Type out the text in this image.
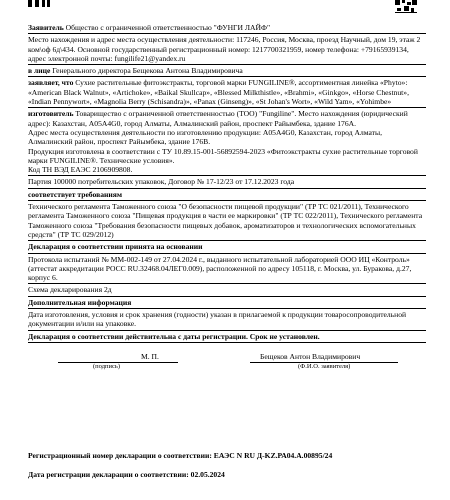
Заявитель Общество с ограниченной ответственностью "ФУНГИ ЛАЙФ"

Место нахождения и адрес места осуществления деятельности: 117246, Россия, Москва, проезд Научный, дом 19, этаж 2 ком\оф 6д\434. Основной государственный регистрационный номер: 1217700321959, номер телефона: +79165939134, адрес электронной почты: fungilife21@yandex.ru

в лице Генерального директора Бещекова Антона Владимировича
заявляет, что Сухие растительные фитоэкстракты, торговой марки FUNGILINE®, ассортиментная линейка «Phyto»: «American Black Walnut», «Artichoke», «Baikal Skullcap», «Blessed Milkthistle», «Brahmi», «Ginkgo», «Horse Chestnut», «Indian Pennywort», «Magnolia Berry (Schisandra)», «Panax (Ginseng)», «St Johan's Wort», «Wild Yam», «Yohimbe»

изготовитель Товарищество с ограниченной ответственностью (ТОО) "Fungiline". Место нахождения (юридический адрес): Казахстан, A05A4G0, город Алматы, Алмалинский район, проспект Райымбека, здание 176А.

Адрес места осуществления деятельности по изготовлению продукции: A05A4G0, Казахстан, город Алматы, Алмалинский район, проспект Райымбека, здание 176В.

Продукция изготовлена в соответствии с ТУ 10.89.15-001-56892594-2023 «Фитоэкстракты сухие растительные торговой марки FUNGILINE®. Технические условия».

Код ТН ВЭД ЕАЭС 2106909808.

Партия 100000 потребительских упаковок, Договор № 17-12/23 от 17.12.2023 года

соответствует требованиям

Технического регламента Таможенного союза "О безопасности пищевой продукции" (ТР ТС 021/2011), Технического регламента Таможенного союза "Пищевая продукция в части ее маркировки" (ТР ТС 022/2011), Технического регламента Таможенного союза "Требования безопасности пищевых добавок, ароматизаторов и технологических вспомогательных средств" (ТР ТС 029/2012)

Декларация о соответствии принята на основании

Протокола испытаний № ММ-002-149 от 27.04.2024 г., выданного испытательной лабораторией ООО ИЦ «Контроль» (аттестат аккредитации РОСС RU.32468.04ЛЕГ0.009), расположенной по адресу 105118, г. Москва, ул. Буракова, д.27, корпус 6.

Схема декларирования 2д

Дополнительная информация

Дата изготовления, условия и срок хранения (годности) указан в прилагаемой к продукции товаросопроводительной документации и/или на упаковке.

Декларация о соответствии действительна с даты регистрации. Срок не установлен.
М. П.	Бещеков Антон Владимирович
(подпись)	(Ф.И.О. заявителя)
Регистрационный номер декларации о соответствии: ЕАЭС N RU Д-KZ.РА04.А.00895/24
Дата регистрации декларации о соответствии: 02.05.2024
